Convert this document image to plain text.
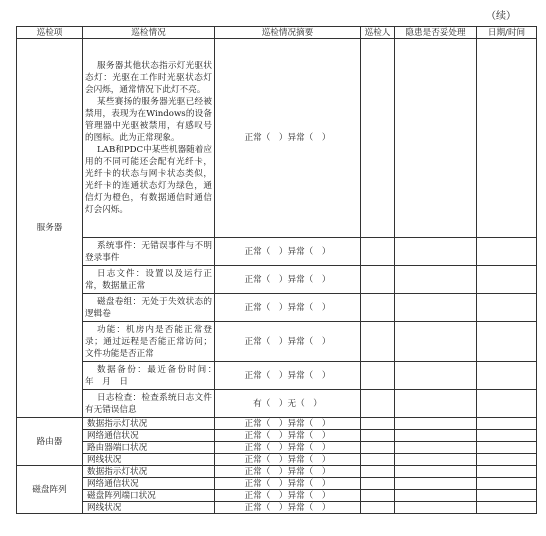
（续）
巡检项	巡检情况	巡检情况摘要	巡检人	隐患是否妥处理	日期/时间
服务器	服务器其他状态指示灯光驱状态灯：光驱在工作时光驱状态灯会闪烁，通常情况下此灯不亮。

某些赛扬的服务器光驱已经被禁用，表现为在Windows的设备管理器中光驱被禁用，有感叹号的图标。此为正常现象。

LAB和PDC中某些机器随着应用的不同可能还会配有光纤卡，光纤卡的状态与网卡状态类似，光纤卡的连通状态灯为绿色，通信灯为橙色，有数据通信时通信灯会闪烁。	正常（　）异常（　）			
	系统事件：无错误事件与不明登录事件	正常（　）异常（　）			
	日志文件：设置以及运行正常，数据量正常	正常（　）异常（　）			
	磁盘卷组：无处于失效状态的逻辑卷	正常（　）异常（　）			
	功能：机房内是否能正常登录；通过远程是否能正常访问；文件功能是否正常	正常（　）异常（　）			
	数据备份：最近备份时间：　年　月　日	正常（　）异常（　）			
	日志检查：检查系统日志文件有无错误信息	有（　）无（　）			
路由器	数据指示灯状况	正常（　）异常（　）			
	网络通信状况	正常（　）异常（　）			
	路由器端口状况	正常（　）异常（　）			
	网线状况	正常（　）异常（　）			
磁盘阵列	数据指示灯状况	正常（　）异常（　）			
	网络通信状况	正常（　）异常（　）			
	磁盘阵列端口状况	正常（　）异常（　）			
	网线状况	正常（　）异常（　）			
